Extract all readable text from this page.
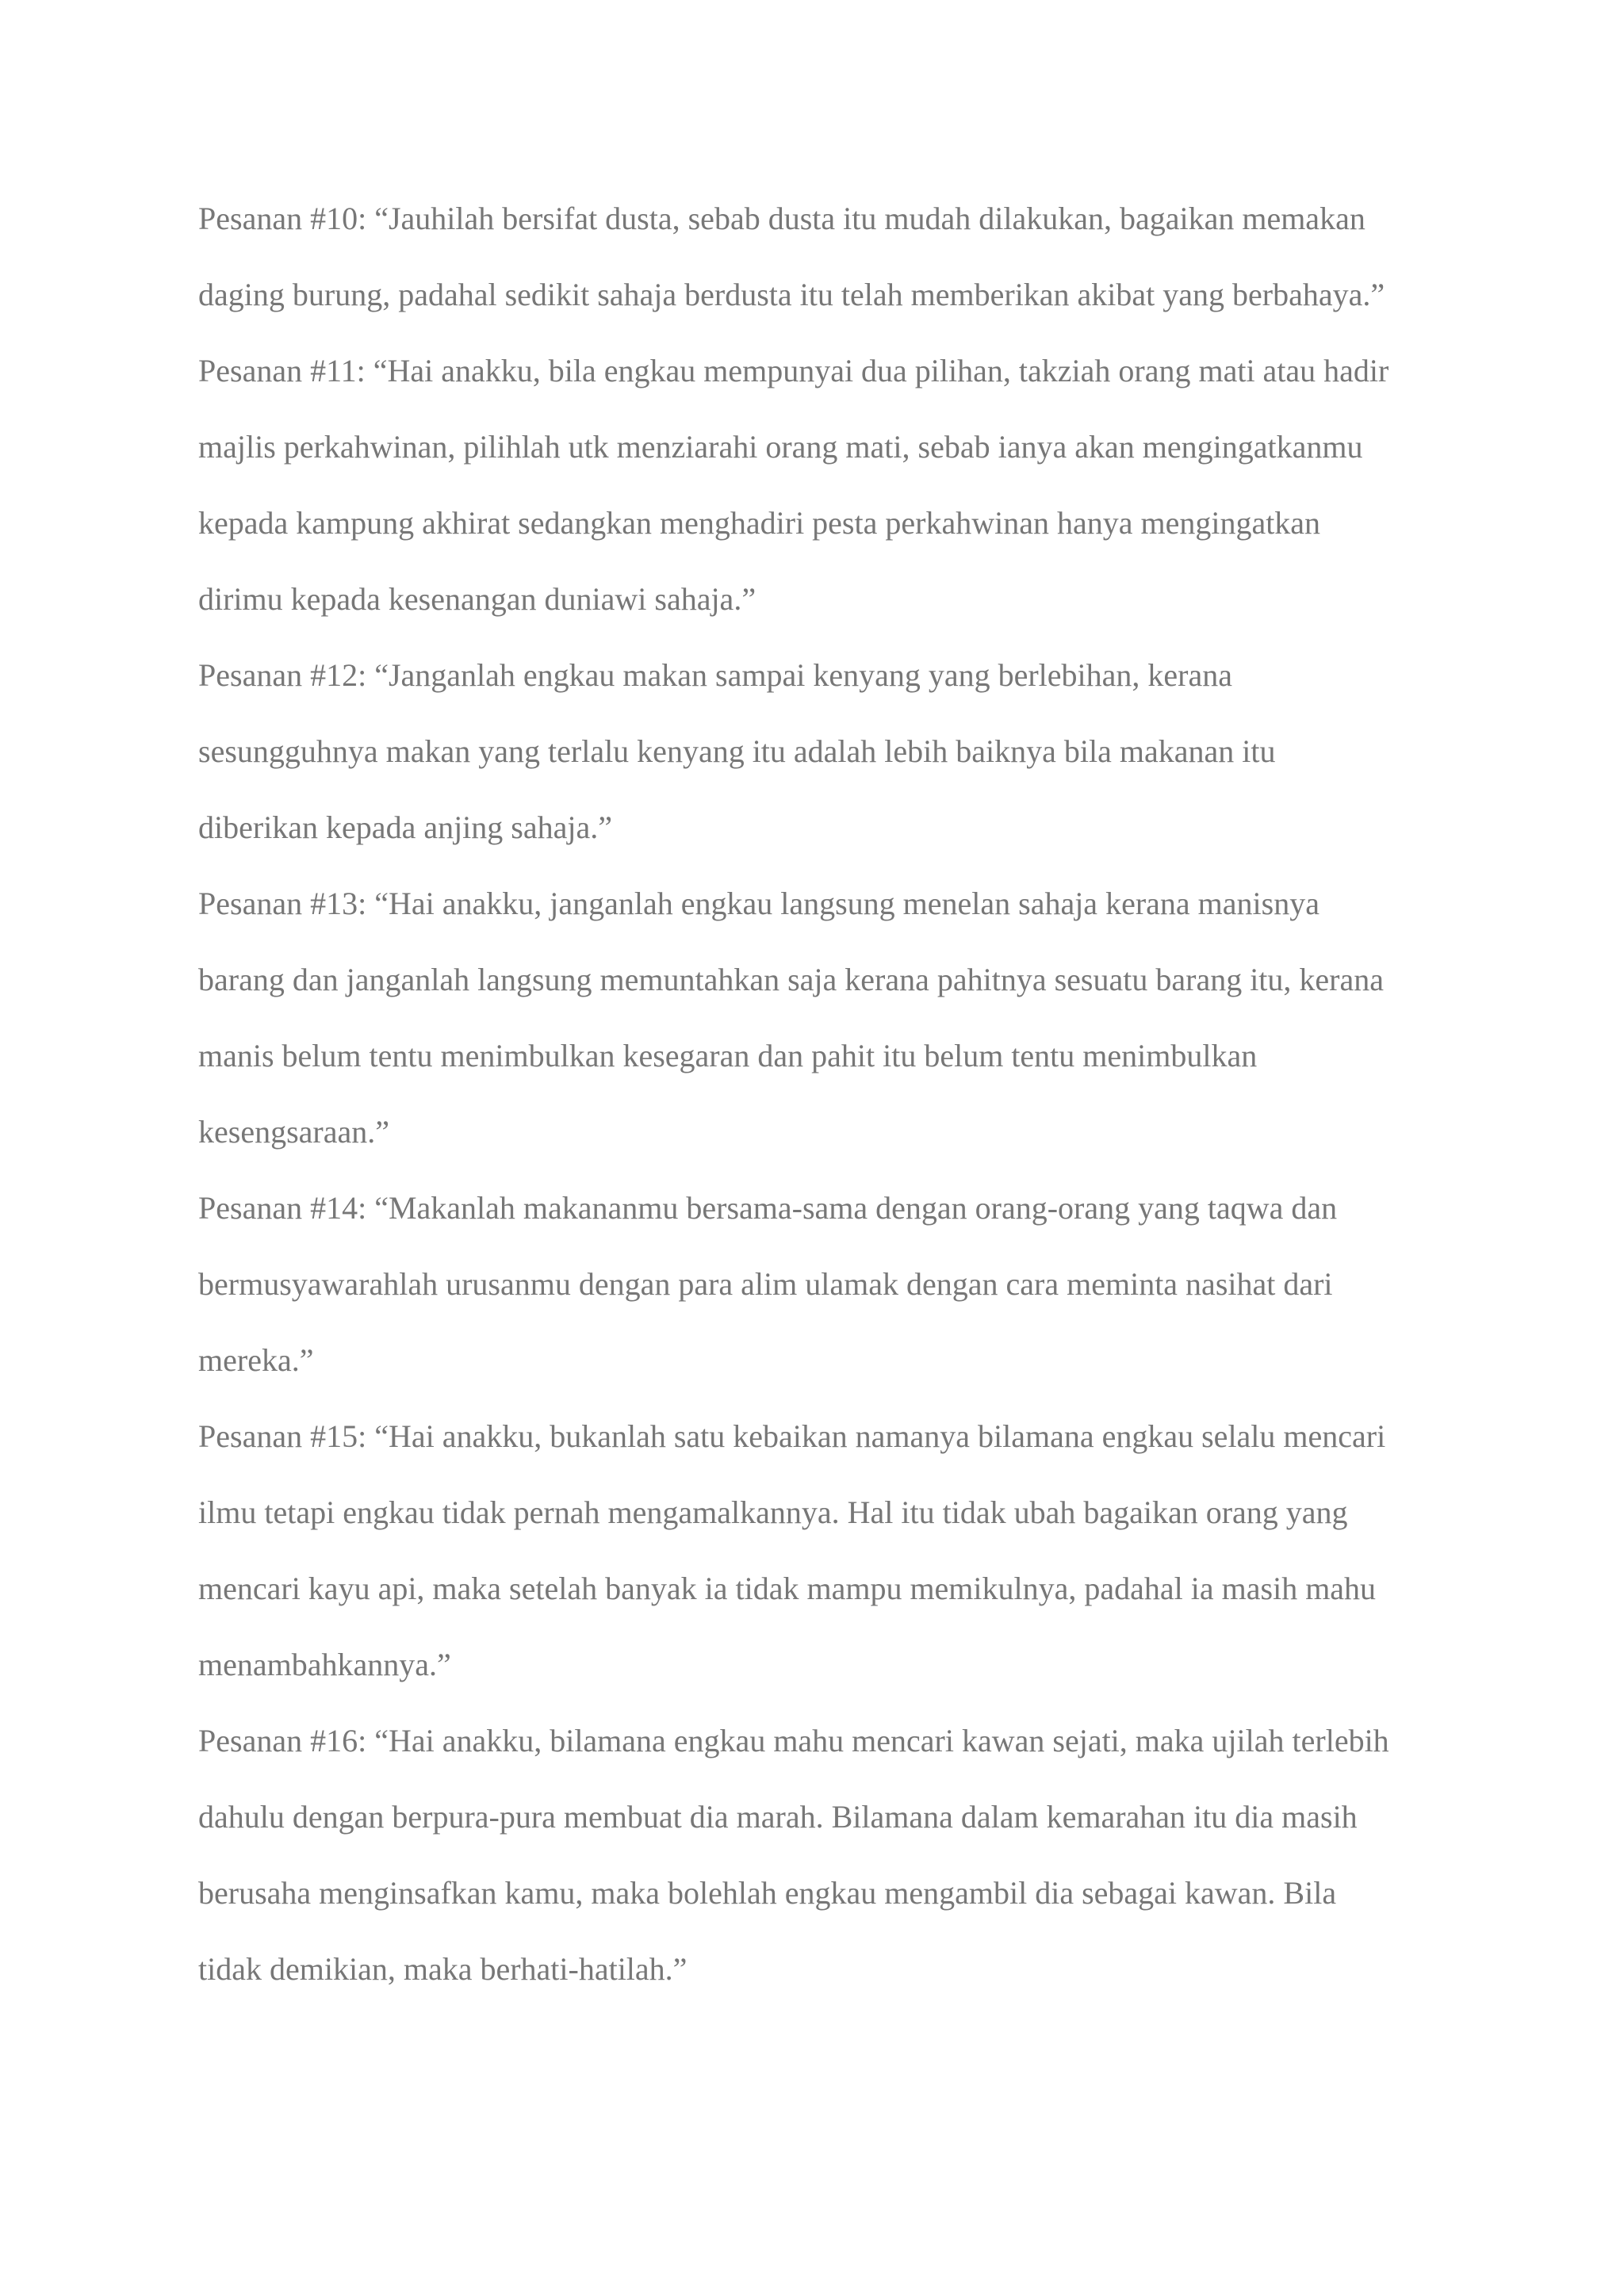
Pesanan #10: “Jauhilah bersifat dusta, sebab dusta itu mudah dilakukan, bagaikan memakan
daging burung, padahal sedikit sahaja berdusta itu telah memberikan akibat yang berbahaya.”
Pesanan #11: “Hai anakku, bila engkau mempunyai dua pilihan, takziah orang mati atau hadir
majlis perkahwinan, pilihlah utk menziarahi orang mati, sebab ianya akan mengingatkanmu
kepada kampung akhirat sedangkan menghadiri pesta perkahwinan hanya mengingatkan
dirimu kepada kesenangan duniawi sahaja.”
Pesanan #12: “Janganlah engkau makan sampai kenyang yang berlebihan, kerana
sesungguhnya makan yang terlalu kenyang itu adalah lebih baiknya bila makanan itu
diberikan kepada anjing sahaja.”
Pesanan #13: “Hai anakku, janganlah engkau langsung menelan sahaja kerana manisnya
barang dan janganlah langsung memuntahkan saja kerana pahitnya sesuatu barang itu, kerana
manis belum tentu menimbulkan kesegaran dan pahit itu belum tentu menimbulkan
kesengsaraan.”
Pesanan #14: “Makanlah makananmu bersama-sama dengan orang-orang yang taqwa dan
bermusyawarahlah urusanmu dengan para alim ulamak dengan cara meminta nasihat dari
mereka.”
Pesanan #15: “Hai anakku, bukanlah satu kebaikan namanya bilamana engkau selalu mencari
ilmu tetapi engkau tidak pernah mengamalkannya. Hal itu tidak ubah bagaikan orang yang
mencari kayu api, maka setelah banyak ia tidak mampu memikulnya, padahal ia masih mahu
menambahkannya.”
Pesanan #16: “Hai anakku, bilamana engkau mahu mencari kawan sejati, maka ujilah terlebih
dahulu dengan berpura-pura membuat dia marah. Bilamana dalam kemarahan itu dia masih
berusaha menginsafkan kamu, maka bolehlah engkau mengambil dia sebagai kawan. Bila
tidak demikian, maka berhati-hatilah.”
